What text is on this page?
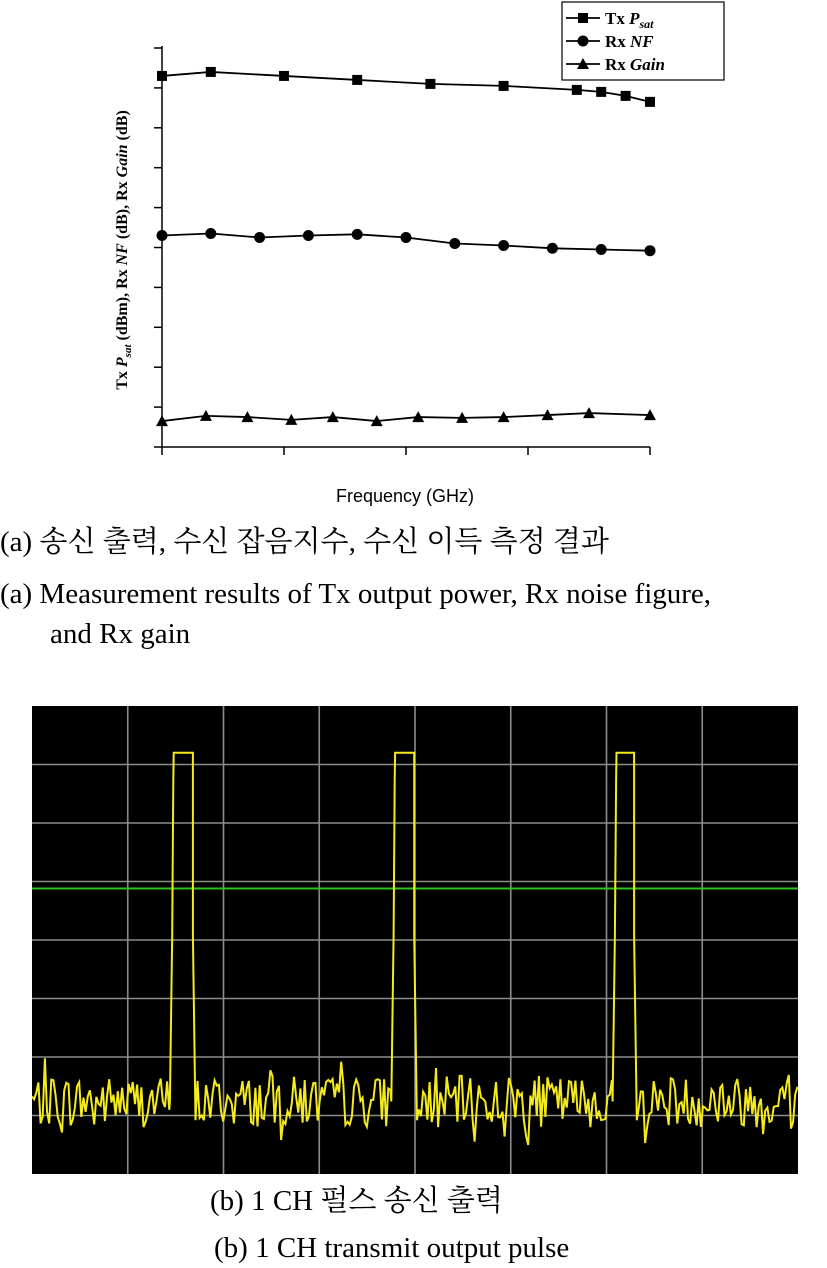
Tx $P_{sat}$
Rx NF
Rx Gain
Frequency (GHz)
Tx $P_{sat}$ (dBm), Rx NF (dB), Rx Gain (dB)
(a) 송신 출력, 수신 잡음지수, 수신 이득 측정 결과
(a) Measurement results of Tx output power, Rx noise figure,
and Rx gain
(b) 1 CH 펄스 송신 출력
(b) 1 CH transmit output pulse
